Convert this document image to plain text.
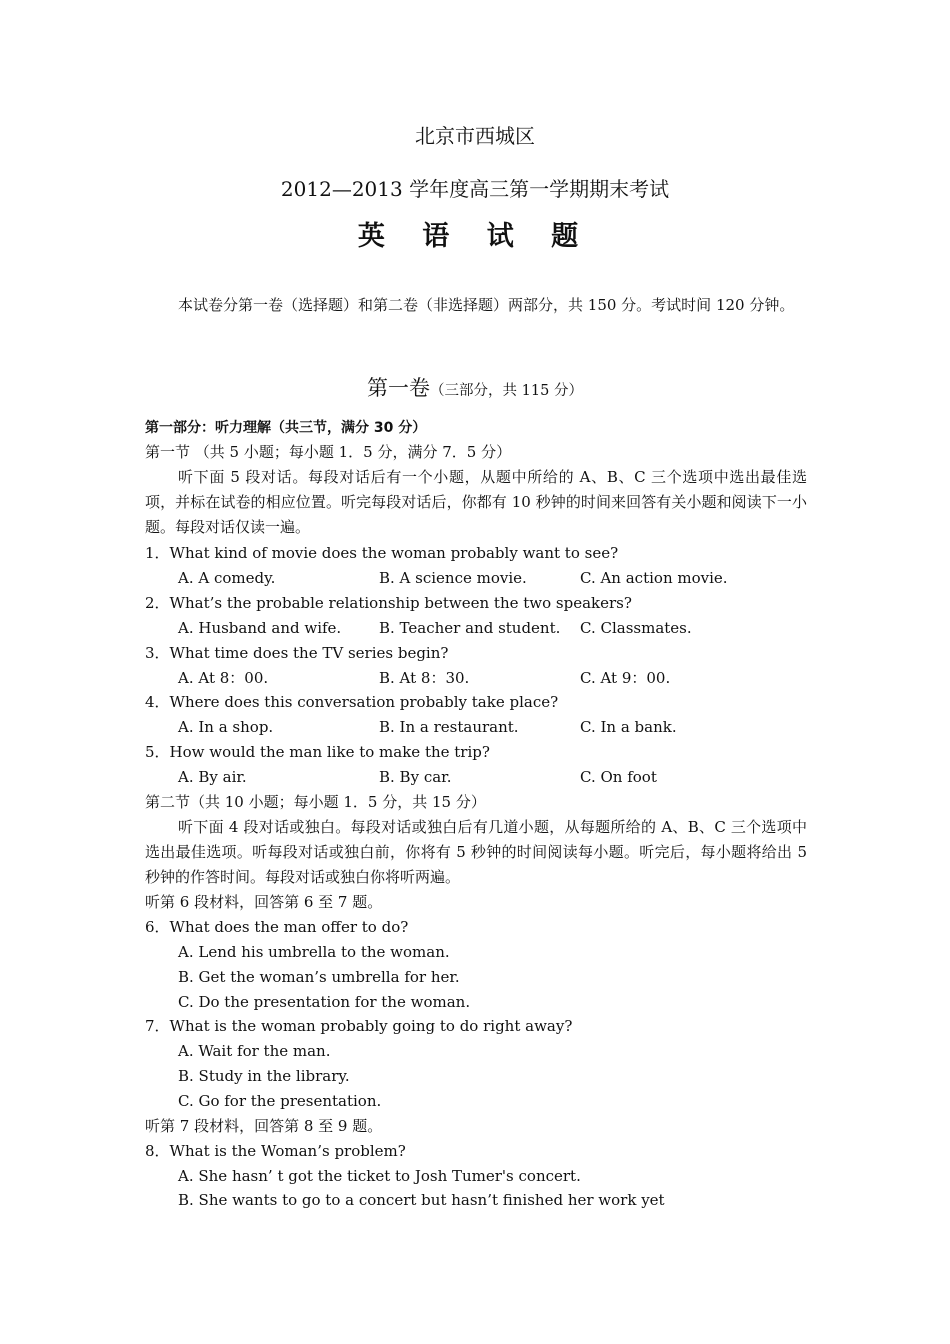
北京市西城区
2012—2013 学年度高三第一学期期末考试
英 语 试 题
本试卷分第一卷（选择题）和第二卷（非选择题）两部分，共 150 分。考试时间 120 分钟。
第一卷（三部分，共 115 分）
第一部分：听力理解（共三节，满分 30 分）
第一节 （共 5 小题；每小题 1．5 分，满分 7．5 分）
听下面 5 段对话。每段对话后有一个小题，从题中所给的 A、B、C 三个选项中选出最佳选项，并标在试卷的相应位置。听完每段对话后，你都有 10 秒钟的时间来回答有关小题和阅读下一小题。每段对话仅读一遍。
1．What kind of movie does the woman probably want to see?
A. A comedy.	B. A science movie.	C. An action movie.
2．What’s the probable relationship between the two speakers?
A. Husband and wife.	B. Teacher and student. C. Classmates.
3．What time does the TV series begin?
A. At 8：00.	B. At 8：30.	C. At 9：00.
4．Where does this conversation probably take place?
A. In a shop.	B. In a restaurant.	C. In a bank.
5．How would the man like to make the trip?
A. By air.	B. By car.	C. On foot
第二节（共 10 小题；每小题 1．5 分，共 15 分）
听下面 4 段对话或独白。每段对话或独白后有几道小题，从每题所给的 A、B、C 三个选项中选出最佳选项。听每段对话或独白前，你将有 5 秒钟的时间阅读每小题。听完后，每小题将给出 5 秒钟的作答时间。每段对话或独白你将听两遍。
听第 6 段材料，回答第 6 至 7 题。
6．What does the man offer to do?
A. Lend his umbrella to the woman.
B. Get the woman’s umbrella for her.
C. Do the presentation for the woman.
7．What is the woman probably going to do right away?
A. Wait for the man.
B. Study in the library.
C. Go for the presentation.
听第 7 段材料，回答第 8 至 9 题。
8．What is the Woman’s problem?
A. She hasn’ t got the ticket to Josh Tumer's concert.
B. She wants to go to a concert but hasn’t finished her work yet
